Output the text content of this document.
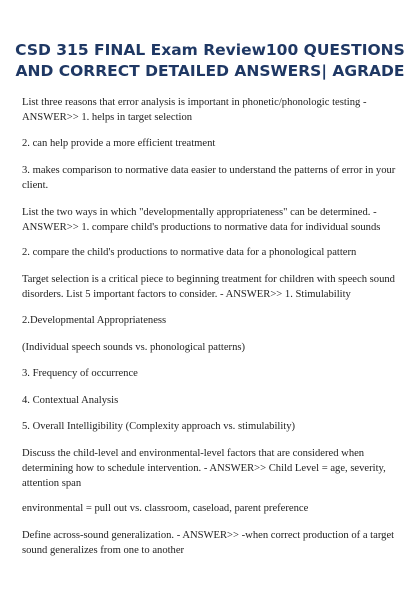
CSD 315 FINAL Exam Review100 QUESTIONS AND CORRECT DETAILED ANSWERS| AGRADE

List three reasons that error analysis is important in phonetic/phonologic testing - ANSWER>> 1. helps in target selection

2. can help provide a more efficient treatment

3. makes comparison to normative data easier to understand the patterns of error in your client.

List the two ways in which "developmentally appropriateness" can be determined. - ANSWER>> 1. compare child's productions to normative data for individual sounds

2. compare the child's productions to normative data for a phonological pattern

Target selection is a critical piece to beginning treatment for children with speech sound disorders. List 5 important factors to consider. - ANSWER>> 1. Stimulability

2.Developmental Appropriateness

(Individual speech sounds vs. phonological patterns)

3. Frequency of occurrence

4. Contextual Analysis

5. Overall Intelligibility (Complexity approach vs. stimulability)

Discuss the child-level and environmental-level factors that are considered when determining how to schedule intervention. - ANSWER>> Child Level = age, severity, attention span

environmental = pull out vs. classroom, caseload, parent preference

Define across-sound generalization. - ANSWER>> -when correct production of a target sound generalizes from one to another
